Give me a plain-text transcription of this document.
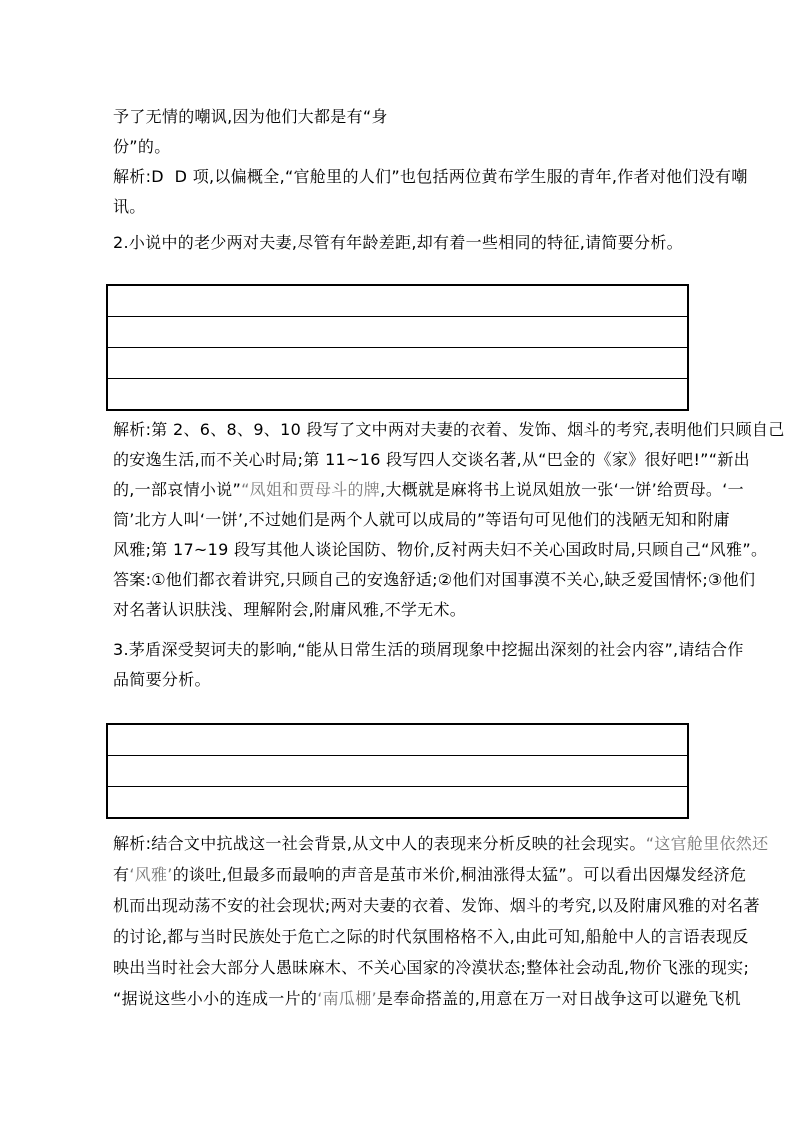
予了无情的嘲讽,因为他们大都是有“身
份”的。
解析:D  D 项,以偏概全,“官舱里的人们”也包括两位黄布学生服的青年,作者对他们没有嘲
讯。
2.小说中的老少两对夫妻,尽管有年龄差距,却有着一些相同的特征,请简要分析。

解析:第 2、6、8、9、10 段写了文中两对夫妻的衣着、发饰、烟斗的考究,表明他们只顾自己
的安逸生活,而不关心时局;第 11~16 段写四人交谈名著,从“巴金的《家》很好吧!”“新出
的,一部哀情小说”“凤姐和贾母斗的牌,大概就是麻将书上说凤姐放一张‘一饼’给贾母。‘一
筒’北方人叫‘一饼’,不过她们是两个人就可以成局的”等语句可见他们的浅陋无知和附庸
风雅;第 17~19 段写其他人谈论国防、物价,反衬两夫妇不关心国政时局,只顾自己“风雅”。
答案:①他们都衣着讲究,只顾自己的安逸舒适;②他们对国事漠不关心,缺乏爱国情怀;③他们
对名著认识肤浅、理解附会,附庸风雅,不学无术。
3.茅盾深受契诃夫的影响,“能从日常生活的琐屑现象中挖掘出深刻的社会内容”,请结合作
品简要分析。

解析:结合文中抗战这一社会背景,从文中人的表现来分析反映的社会现实。“这官舱里依然还
有‘风雅’的谈吐,但最多而最响的声音是茧市米价,桐油涨得太猛”。可以看出因爆发经济危
机而出现动荡不安的社会现状;两对夫妻的衣着、发饰、烟斗的考究,以及附庸风雅的对名著
的讨论,都与当时民族处于危亡之际的时代氛围格格不入,由此可知,船舱中人的言语表现反
映出当时社会大部分人愚昧麻木、不关心国家的冷漠状态;整体社会动乱,物价飞涨的现实;
“据说这些小小的连成一片的‘南瓜棚’是奉命搭盖的,用意在万一对日战争这可以避免飞机
